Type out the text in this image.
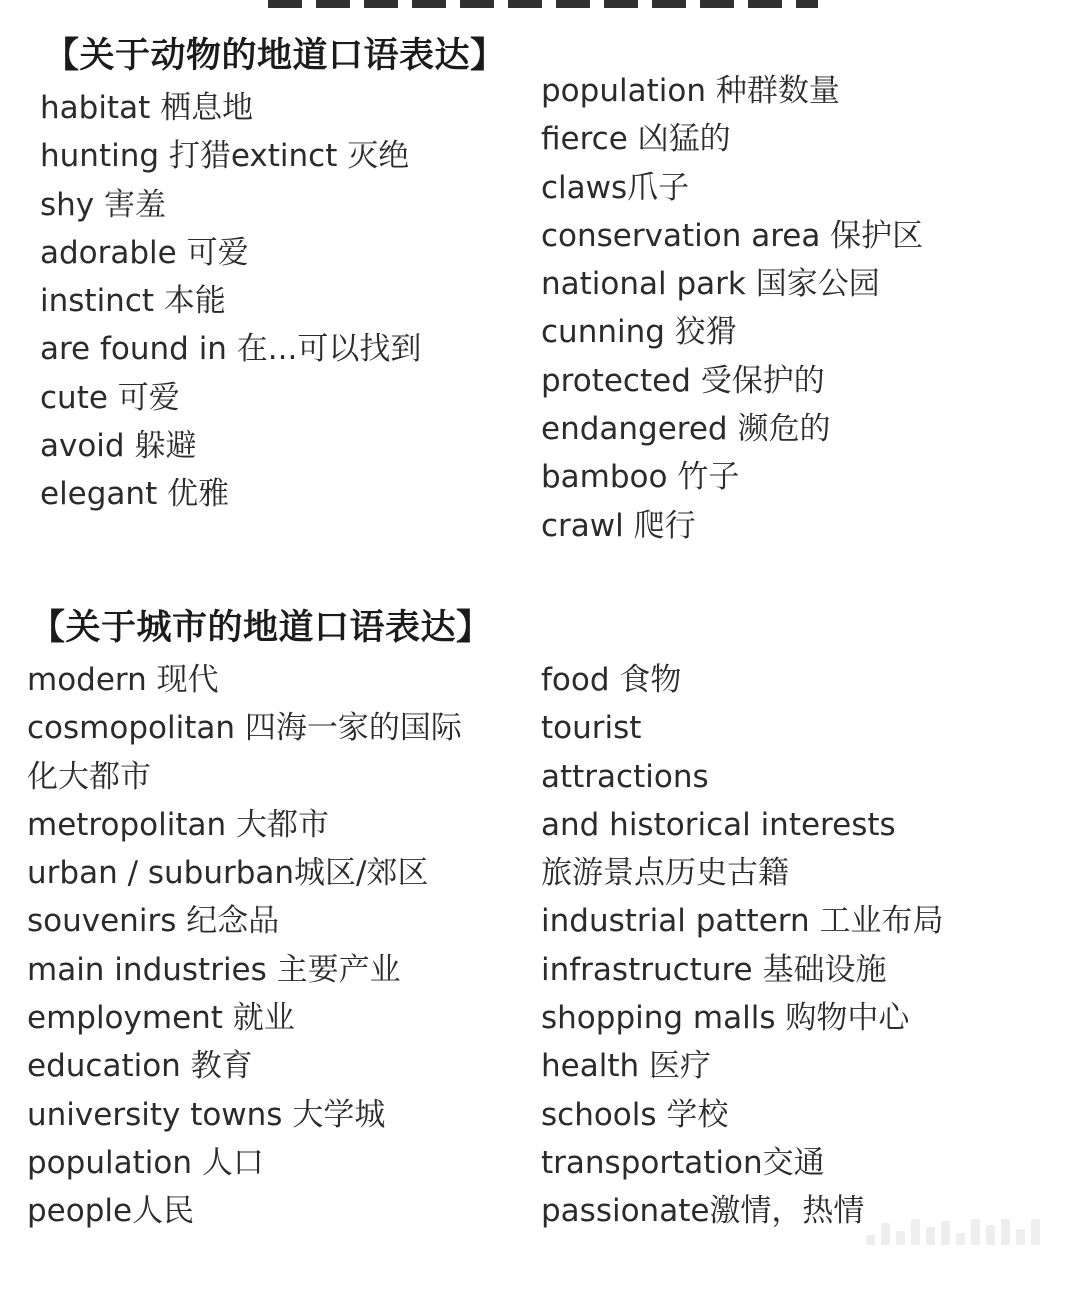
【关于动物的地道口语表达】
habitat 栖息地
hunting 打猎extinct 灭绝
shy 害羞
adorable 可爱
instinct 本能
are found in 在...可以找到
cute 可爱
avoid 躲避
elegant 优雅
population 种群数量
fierce 凶猛的
claws爪子
conservation area 保护区
national park 国家公园
cunning 狡猾
protected 受保护的
endangered 濒危的
bamboo 竹子
crawl 爬行
【关于城市的地道口语表达】
modern 现代
cosmopolitan 四海一家的国际
化大都市
metropolitan 大都市
urban / suburban城区/郊区
souvenirs 纪念品
main industries 主要产业
employment 就业
education 教育
university towns 大学城
population 人口
people人民
food 食物
tourist
attractions
and historical interests
旅游景点历史古籍
industrial pattern 工业布局
infrastructure 基础设施
shopping malls 购物中心
health 医疗
schools 学校
transportation交通
passionate激情，热情
